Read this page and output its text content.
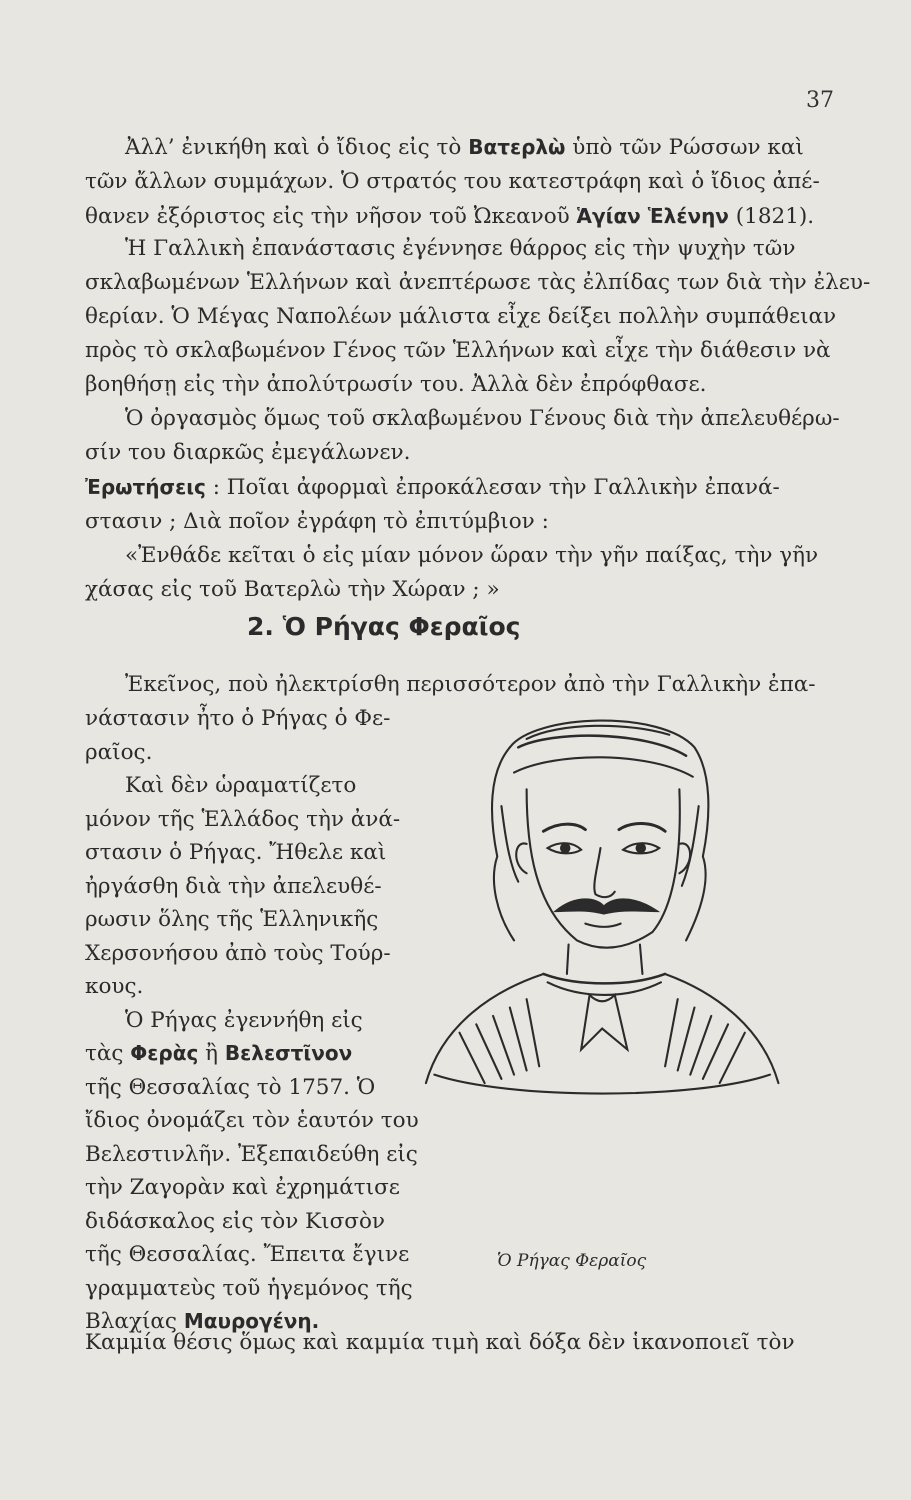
37
Ἀλλ’ ἐνικήθη καὶ ὁ ἴδιος εἰς τὸ Βατερλὼ ὑπὸ τῶν Ρώσσων καὶ
τῶν ἄλλων συμμάχων. Ὁ στρατός του κατεστράφη καὶ ὁ ἴδιος ἀπέ-
θανεν ἐξόριστος εἰς τὴν νῆσον τοῦ Ὠκεανοῦ Ἁγίαν Ἑλένην (1821).
Ἡ Γαλλικὴ ἐπανάστασις ἐγέννησε θάρρος εἰς τὴν ψυχὴν τῶν
σκλαβωμένων Ἑλλήνων καὶ ἀνεπτέρωσε τὰς ἐλπίδας των διὰ τὴν ἐλευ-
θερίαν. Ὁ Μέγας Ναπολέων μάλιστα εἶχε δείξει πολλὴν συμπάθειαν
πρὸς τὸ σκλαβωμένον Γένος τῶν Ἑλλήνων καὶ εἶχε τὴν διάθεσιν νὰ
βοηθήσῃ εἰς τὴν ἀπολύτρωσίν του. Ἀλλὰ δὲν ἐπρόφθασε.
Ὁ ὀργασμὸς ὅμως τοῦ σκλαβωμένου Γένους διὰ τὴν ἀπελευθέρω-
σίν του διαρκῶς ἐμεγάλωνεν.
Ἐρωτήσεις : Ποῖαι ἀφορμαὶ ἐπροκάλεσαν τὴν Γαλλικὴν ἐπανά-
στασιν ; Διὰ ποῖον ἐγράφη τὸ ἐπιτύμβιον :
«Ἐνθάδε κεῖται ὁ εἰς μίαν μόνον ὥραν τὴν γῆν παίξας, τὴν γῆν
χάσας εἰς τοῦ Βατερλὼ τὴν Χώραν ; »
2. Ὁ Ρήγας Φεραῖος
Ἐκεῖνος, ποὺ ἠλεκτρίσθη περισσότερον ἀπὸ τὴν Γαλλικὴν ἐπα-
νάστασιν ἦτο ὁ Ρήγας ὁ Φε-
ραῖος.
Καὶ δὲν ὡραματίζετο
μόνον τῆς Ἑλλάδος τὴν ἀνά-
στασιν ὁ Ρήγας. Ἤθελε καὶ
ἠργάσθη διὰ τὴν ἀπελευθέ-
ρωσιν ὅλης τῆς Ἑλληνικῆς
Χερσονήσου ἀπὸ τοὺς Τούρ-
κους.
Ὁ Ρήγας ἐγεννήθη εἰς
τὰς Φερὰς ἢ Βελεστῖνον
τῆς Θεσσαλίας τὸ 1757. Ὁ
ἴδιος ὀνομάζει τὸν ἑαυτόν του
Βελεστινλῆν. Ἐξεπαιδεύθη εἰς
τὴν Ζαγορὰν καὶ ἐχρημάτισε
διδάσκαλος εἰς τὸν Κισσὸν
τῆς Θεσσαλίας. Ἔπειτα ἔγινε
γραμματεὺς τοῦ ἡγεμόνος τῆς
Βλαχίας Μαυρογένη.
Ὁ Ρήγας Φεραῖος
Καμμία θέσις ὅμως καὶ καμμία τιμὴ καὶ δόξα δὲν ἱκανοποιεῖ τὸν
